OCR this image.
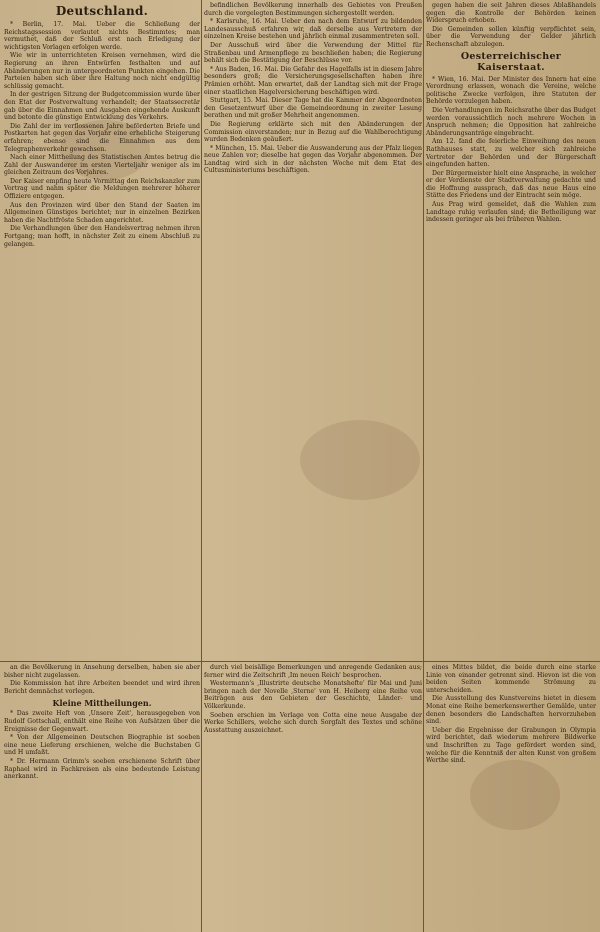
Deutschland.

* Berlin, 17. Mai. Ueber die Schließung der Reichstagssession verlautet nichts Bestimmtes; man vermuthet, daß der Schluß erst nach Erledigung der wichtigsten Vorlagen erfolgen werde.

Wie wir in unterrichteten Kreisen vernehmen, wird die Regierung an ihren Entwürfen festhalten und auf Abänderungen nur in untergeordneten Punkten eingehen. Die Parteien haben sich über ihre Haltung noch nicht endgültig schlüssig gemacht.

In der gestrigen Sitzung der Budgetcommission wurde über den Etat der Postverwaltung verhandelt; der Staatssecretär gab über die Einnahmen und Ausgaben eingehende Auskunft und betonte die günstige Entwicklung des Verkehrs.

Die Zahl der im verflossenen Jahre beförderten Briefe und Postkarten hat gegen das Vorjahr eine erhebliche Steigerung erfahren; ebenso sind die Einnahmen aus dem Telegraphenverkehr gewachsen.

Nach einer Mittheilung des Statistischen Amtes betrug die Zahl der Auswanderer im ersten Vierteljahr weniger als im gleichen Zeitraum des Vorjahres.

Der Kaiser empfing heute Vormittag den Reichskanzler zum Vortrag und nahm später die Meldungen mehrerer höherer Offiziere entgegen.

Aus den Provinzen wird über den Stand der Saaten im Allgemeinen Günstiges berichtet; nur in einzelnen Bezirken haben die Nachtfröste Schaden angerichtet.

Die Verhandlungen über den Handelsvertrag nehmen ihren Fortgang; man hofft, in nächster Zeit zu einem Abschluß zu gelangen.

befindlichen Bevölkerung innerhalb des Gebietes von Preußen durch die vorgelegten Bestimmungen sichergestellt werden.

* Karlsruhe, 16. Mai. Ueber den nach dem Entwurf zu bildenden Landesausschuß erfahren wir, daß derselbe aus Vertretern der einzelnen Kreise bestehen und jährlich einmal zusammentreten soll.

Der Ausschuß wird über die Verwendung der Mittel für Straßenbau und Armenpflege zu beschließen haben; die Regierung behält sich die Bestätigung der Beschlüsse vor.

* Aus Baden, 16. Mai. Die Gefahr des Hagelfalls ist in diesem Jahre besonders groß; die Versicherungsgesellschaften haben ihre Prämien erhöht. Man erwartet, daß der Landtag sich mit der Frage einer staatlichen Hagelversicherung beschäftigen wird.

Stuttgart, 15. Mai. Dieser Tage hat die Kammer der Abgeordneten den Gesetzentwurf über die Gemeindeordnung in zweiter Lesung berathen und mit großer Mehrheit angenommen.

Die Regierung erklärte sich mit den Abänderungen der Commission einverstanden; nur in Bezug auf die Wahlberechtigung wurden Bedenken geäußert.

* München, 15. Mai. Ueber die Auswanderung aus der Pfalz liegen neue Zahlen vor; dieselbe hat gegen das Vorjahr abgenommen. Der Landtag wird sich in der nächsten Woche mit dem Etat des Cultusministeriums beschäftigen.

gegen haben die seit Jahren dieses Ablaßhandels gegen die Kontrolle der Behörden keinen Widerspruch erhoben.

Die Gemeinden sollen künftig verpflichtet sein, über die Verwendung der Gelder jährlich Rechenschaft abzulegen.

Oesterreichischer Kaiserstaat.

* Wien, 16. Mai. Der Minister des Innern hat eine Verordnung erlassen, wonach die Vereine, welche politische Zwecke verfolgen, ihre Statuten der Behörde vorzulegen haben.

Die Verhandlungen im Reichsrathe über das Budget werden voraussichtlich noch mehrere Wochen in Anspruch nehmen; die Opposition hat zahlreiche Abänderungsanträge eingebracht.

Am 12. fand die feierliche Einweihung des neuen Rathhauses statt, zu welcher sich zahlreiche Vertreter der Behörden und der Bürgerschaft eingefunden hatten.

Der Bürgermeister hielt eine Ansprache, in welcher er der Verdienste der Stadtverwaltung gedachte und die Hoffnung aussprach, daß das neue Haus eine Stätte des Friedens und der Eintracht sein möge.

Aus Prag wird gemeldet, daß die Wahlen zum Landtage ruhig verlaufen sind; die Betheiligung war indessen geringer als bei früheren Wahlen.

an die Bevölkerung in Ansehung derselben, haben sie aber bisher nicht zugelassen.

Die Kommission hat ihre Arbeiten beendet und wird ihren Bericht demnächst vorlegen.

Kleine Mittheilungen.

* Das zweite Heft von ‚Unsere Zeit', herausgegeben von Rudolf Gottschall, enthält eine Reihe von Aufsätzen über die Ereignisse der Gegenwart.

* Von der Allgemeinen Deutschen Biographie ist soeben eine neue Lieferung erschienen, welche die Buchstaben G und H umfaßt.

* Dr. Hermann Grimm's soeben erschienene Schrift über Raphael wird in Fachkreisen als eine bedeutende Leistung anerkannt.

durch viel beisällige Bemerkungen und anregende Gedanken aus; ferner wird die Zeitschrift ‚Im neuen Reich' besprochen.

Westermann's ‚Illustrirte deutsche Monatshefte' für Mai und Juni bringen nach der Novelle ‚Sterne' von H. Heiberg eine Reihe von Beiträgen aus den Gebieten der Geschichte, Länder- und Völkerkunde.

Soeben erschien im Verlage von Cotta eine neue Ausgabe der Werke Schillers, welche sich durch Sorgfalt des Textes und schöne Ausstattung auszeichnet.

eines Mittes bildet, die beide durch eine starke Linie von einander getrennt sind. Hievon ist die von beiden Seiten kommende Strömung zu unterscheiden.

Die Ausstellung des Kunstvereins bietet in diesem Monat eine Reihe bemerkenswerther Gemälde, unter denen besonders die Landschaften hervorzuheben sind.

Ueber die Ergebnisse der Grabungen in Olympia wird berichtet, daß wiederum mehrere Bildwerke und Inschriften zu Tage gefördert worden sind, welche für die Kenntniß der alten Kunst von großem Werthe sind.
